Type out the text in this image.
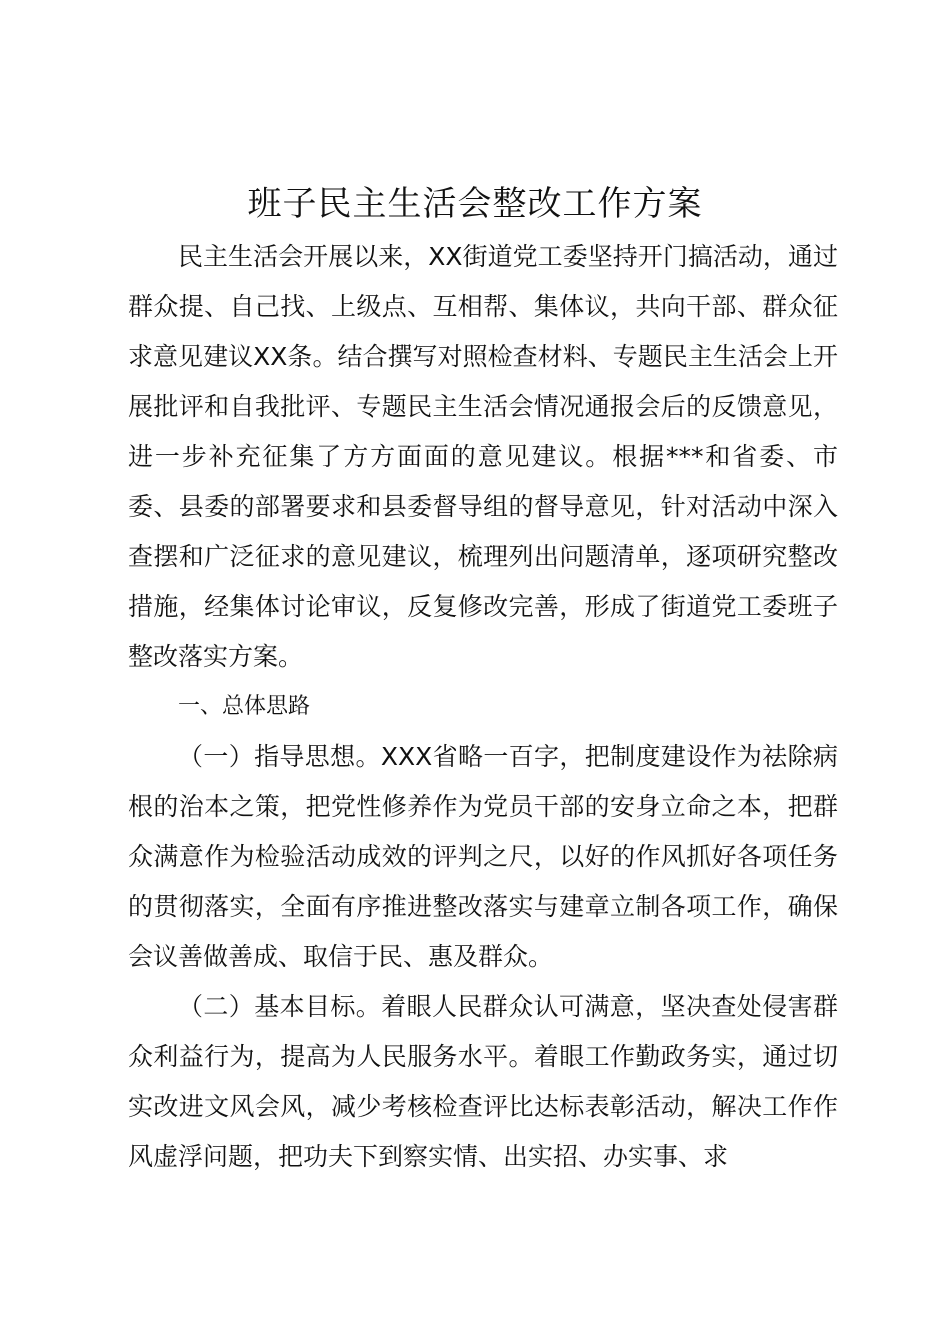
班子民主生活会整改工作方案

民主生活会开展以来，XX街道党工委坚持开门搞活动，通过群众提、自己找、上级点、互相帮、集体议，共向干部、群众征求意见建议XX条。结合撰写对照检查材料、专题民主生活会上开展批评和自我批评、专题民主生活会情况通报会后的反馈意见，进一步补充征集了方方面面的意见建议。根据***和省委、市委、县委的部署要求和县委督导组的督导意见，针对活动中深入查摆和广泛征求的意见建议，梳理列出问题清单，逐项研究整改措施，经集体讨论审议，反复修改完善，形成了街道党工委班子整改落实方案。

一、总体思路

（一）指导思想。XXX省略一百字，把制度建设作为祛除病根的治本之策，把党性修养作为党员干部的安身立命之本，把群众满意作为检验活动成效的评判之尺，以好的作风抓好各项任务的贯彻落实，全面有序推进整改落实与建章立制各项工作，确保会议善做善成、取信于民、惠及群众。

（二）基本目标。着眼人民群众认可满意，坚决查处侵害群众利益行为，提高为人民服务水平。着眼工作勤政务实，通过切实改进文风会风，减少考核检查评比达标表彰活动，解决工作作风虚浮问题，把功夫下到察实情、出实招、办实事、求
